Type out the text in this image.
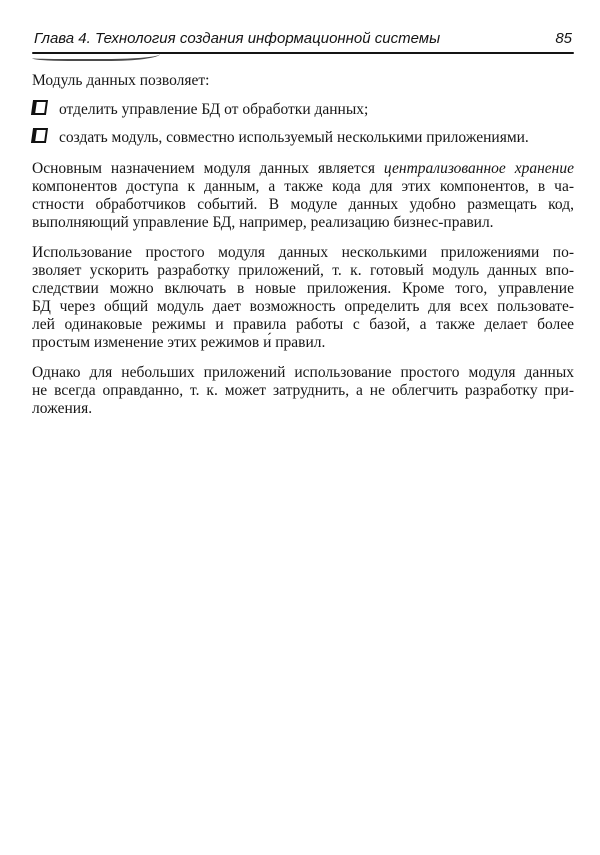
Глава 4. Технология создания информационной системы	85
Модуль данных позволяет:
отделить управление БД от обработки данных;
создать модуль, совместно используемый несколькими приложениями.
Основным назначением модуля данных является централизованное хранение
компонентов доступа к данным, а также кода для этих компонентов, в ча-
стности обработчиков событий. В модуле данных удобно размещать код,
выполняющий управление БД, например, реализацию бизнес-правил.
Использование простого модуля данных несколькими приложениями по-
зволяет ускорить разработку приложений, т. к. готовый модуль данных впо-
следствии можно включать в новые приложения. Кроме того, управление
БД через общий модуль дает возможность определить для всех пользовате-
лей одинаковые режимы и правила работы с базой, а также делает более
простым изменение этих режимов и́ правил.
Однако для небольших приложений использование простого модуля данных
не всегда оправданно, т. к. может затруднить, а не облегчить разработку при-
ложения.
